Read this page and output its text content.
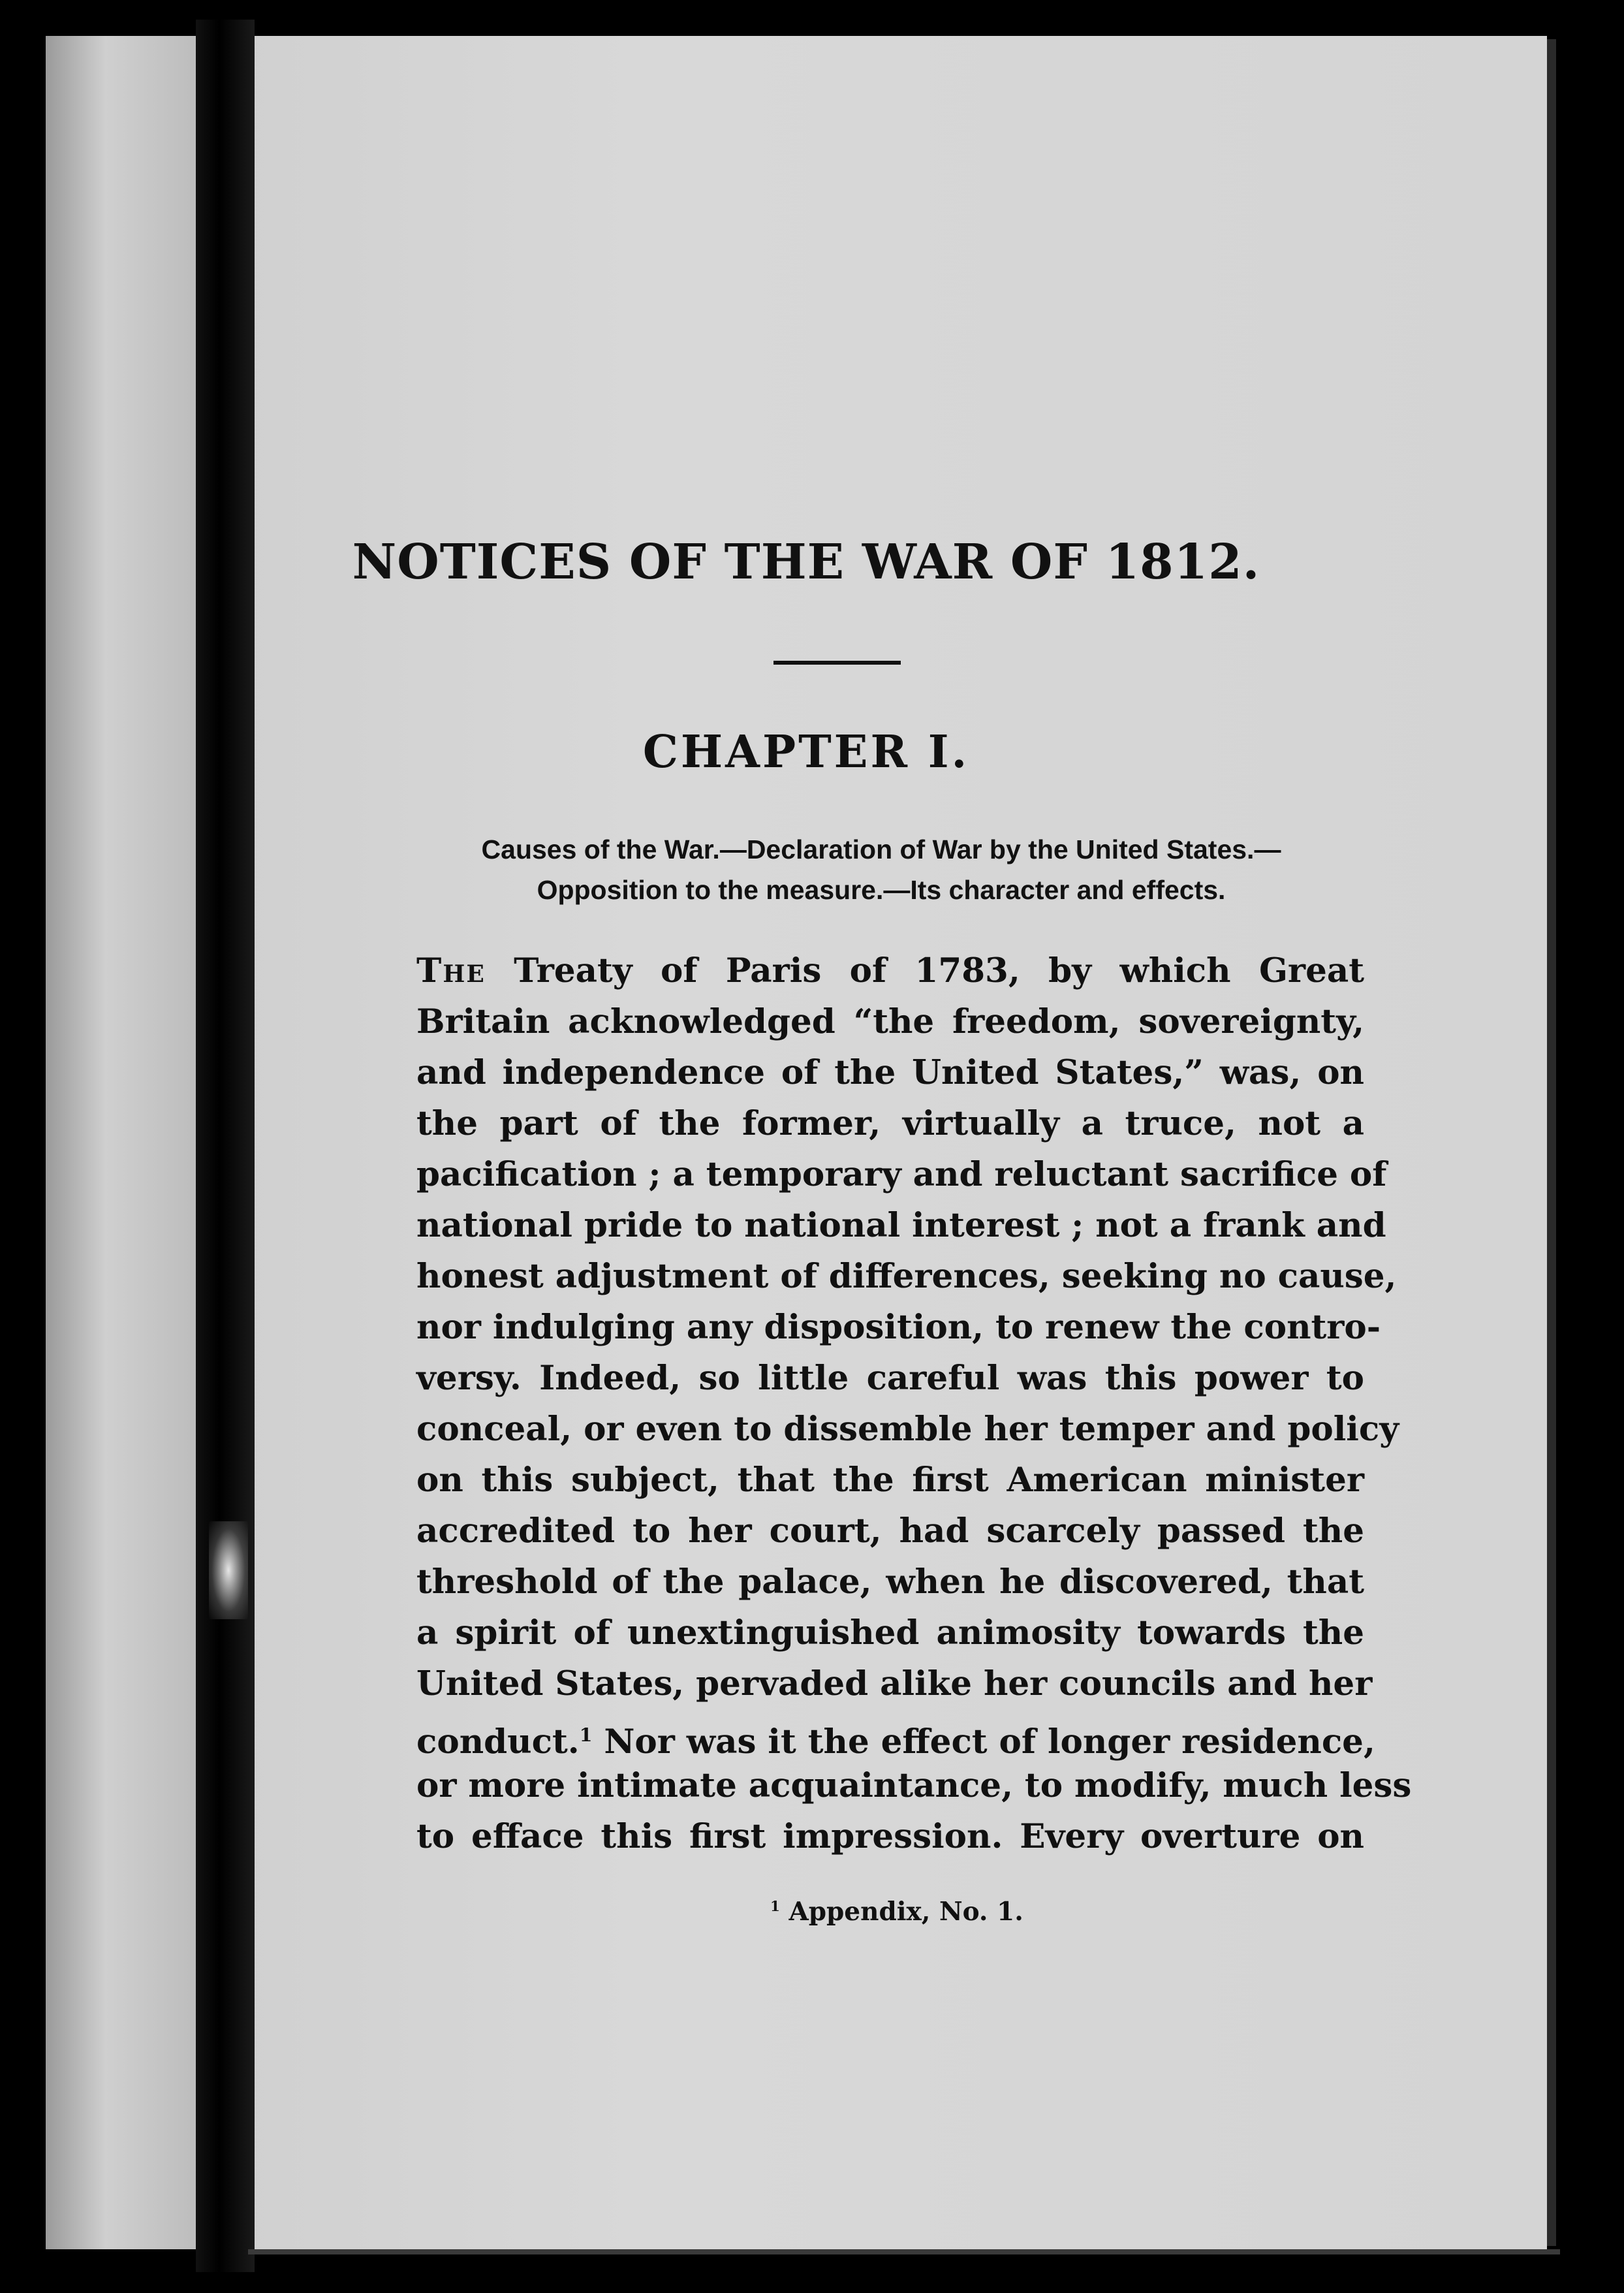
NOTICES OF THE WAR OF 1812.
CHAPTER I.

Causes of the War.—Declaration of War by the United States.—
Opposition to the measure.—Its character and effects.

The Treaty of Paris of 1783, by which Great
Britain acknowledged “the freedom, sovereignty,
and independence of the United States,” was, on
the part of the former, virtually a truce, not a
pacification ; a temporary and reluctant sacrifice of
national pride to national interest ; not a frank and
honest adjustment of differences, seeking no cause,
nor indulging any disposition, to renew the contro-
versy. Indeed, so little careful was this power to
conceal, or even to dissemble her temper and policy
on this subject, that the first American minister
accredited to her court, had scarcely passed the
threshold of the palace, when he discovered, that
a spirit of unextinguished animosity towards the
United States, pervaded alike her councils and her
conduct.$^1$ Nor was it the effect of longer residence,
or more intimate acquaintance, to modify, much less
to efface this first impression. Every overture on

$^1$ Appendix, No. 1.
